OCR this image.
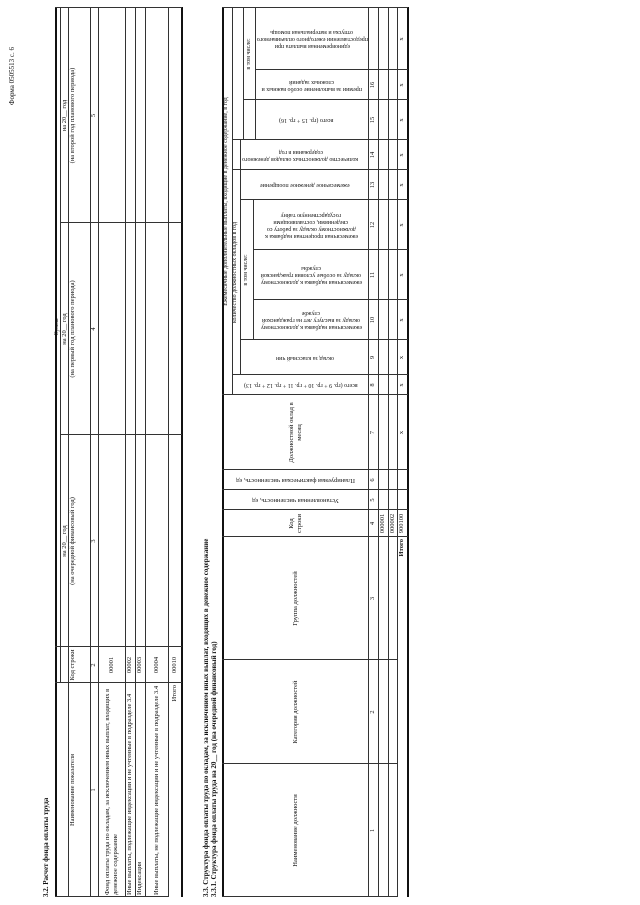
Форма 0505513 с. 6
3.2. Расчет фонда оплаты труда
Наименование показателя
Код строки
Сумма
на 20__ год (на очередной финансовый год)
на 20__ год (на первый год планового периода)
на 20__ год (на второй год планового периода)
1
2
3
4
5
Фонд оплаты труда по окладам, за исключением иных выплат, входящих в денежное содержание
00001
Иные выплаты, подлежащие индексации и не учтенные в подразделе 3.4
00002
Индексация
00003
Иные выплаты, не подлежащие индексации и не учтенные в подразделе 3.4
00004
Итого
00010	3.3. Структура фонда оплаты труда по окладам, за исключением иных выплат, входящих в денежное содержание 3.3.1. Структура фонда оплаты труда на 20__ год (на очередной финансовый год)	Наименование должности
Категория должностей
Группа должностей
Код строки
Установленная численность, ед
Планируемая фактическая численность, ед
Должностной оклад в месяц
Ежемесячные дополнительные выплаты, входящие в денежное содержание, в год количество должностных окладов в год
всего (гр. 9 + гр. 10 + гр. 11 + гр. 12 + гр. 13)
оклад за классный чин
в том числе:
ежемесячная надбавка к должностному окладу за выслугу лет на гражданской службе
ежемесячная надбавка к должностному окладу за особые условия гражданской службы
ежемесячная процентная надбавка к должностному окладу за работу со сведениями, составляющими государственную тайну
ежемесячное денежное поощрение
количество должностных окладов денежного содержания в год
всего (гр. 15 + гр. 16)
в том числе:
премии за выполнение особо важных и сложных заданий
единовременная выплата при предоставлении ежегодного оплачиваемого отпуска и материальная помощь
1
2
3
4
5
6
7
8
9
10
11
12
13
14
15
16
000001 000002
Итого
900100
x
x
x
x
x
x
x
x
x
x
x
